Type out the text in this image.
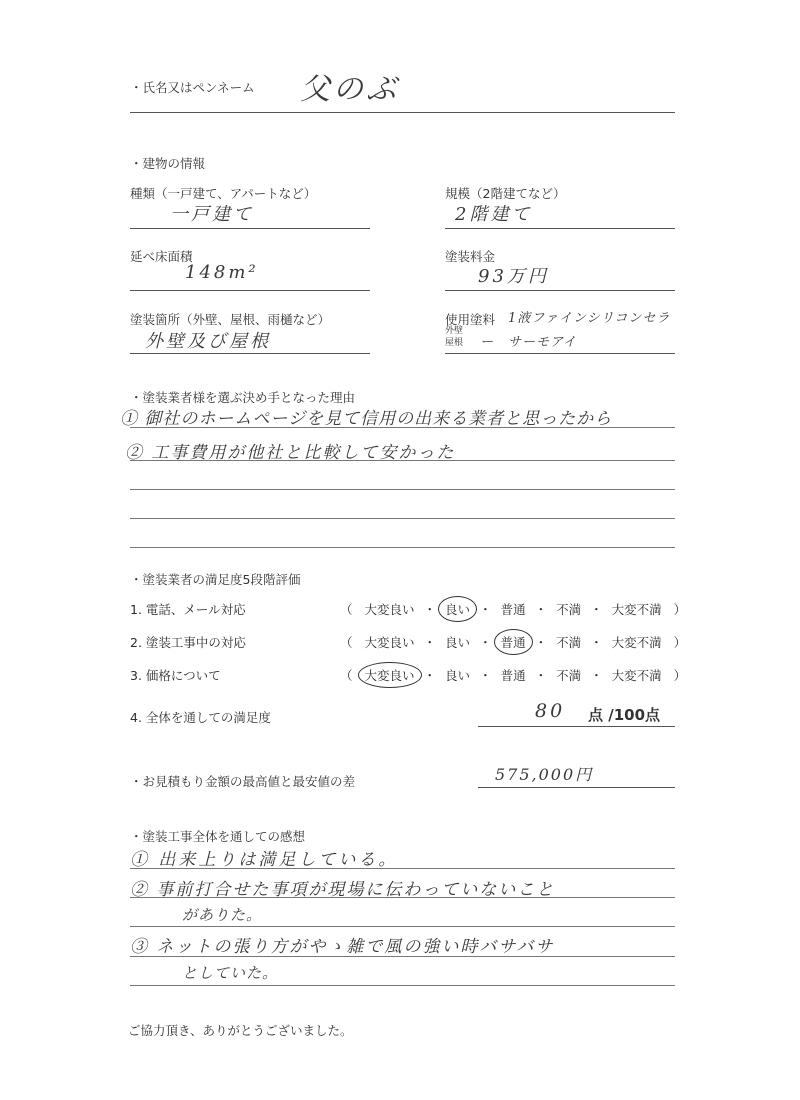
・氏名又はペンネーム 父のぶ
・建物の情報
種類（一戸建て、アパートなど）
一戸建て
規模（2階建てなど）
2階建て
延べ床面積
148m²
塗装料金
93万円
塗装箇所（外壁、屋根、雨樋など）
外壁及び屋根
使用塗料
外壁
屋根
1液ファインシリコンセラ
ー　サーモアイ
・塗装業者様を選ぶ決め手となった理由
① 御社のホームページを見て信用の出来る業者と思ったから
② 工事費用が他社と比較して安かった
・塗装業者の満足度5段階評価
1. 電話、メール対応	（ 大変良い ・ 良い ・ 普通 ・ 不満 ・ 大変不満 ）
2. 塗装工事中の対応	（ 大変良い ・ 良い ・ 普通 ・ 不満 ・ 大変不満 ）
3. 価格について	（ 大変良い ・ 良い ・ 普通 ・ 不満 ・ 大変不満 ）
4. 全体を通しての満足度	80 点 /100点
・お見積もり金額の最高値と最安値の差	575,000円
・塗装工事全体を通しての感想
① 出来上りは満足している。
② 事前打合せた事項が現場に伝わっていないこと
がありた。
③ ネットの張り方がやゝ雑で風の強い時バサバサ
としていた。
ご協力頂き、ありがとうございました。
